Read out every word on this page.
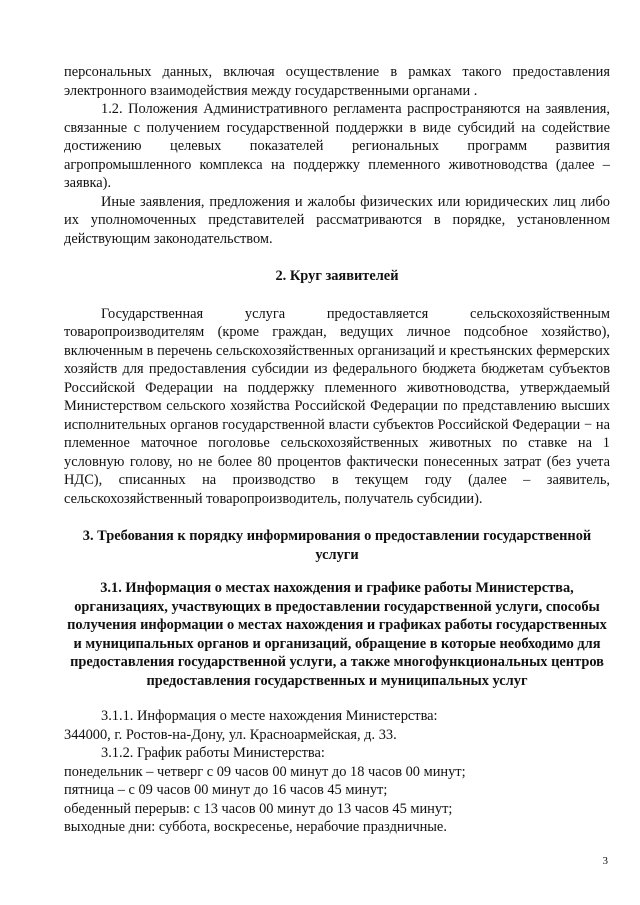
персональных данных, включая осуществление в рамках такого предоставления электронного взаимодействия между государственными органами .

1.2. Положения Административного регламента распространяются на заявления, связанные с получением государственной поддержки в виде субсидий на содействие достижению целевых показателей региональных программ развития агропромышленного комплекса на поддержку племенного животноводства (далее – заявка).

Иные заявления, предложения и жалобы физических или юридических лиц либо их уполномоченных представителей рассматриваются в порядке, установленном действующим законодательством.

2. Круг заявителей

Государственная услуга предоставляется сельскохозяйственным товаропроизводителям (кроме граждан, ведущих личное подсобное хозяйство), включенным в перечень сельскохозяйственных организаций и крестьянских фермерских хозяйств для предоставления субсидии из федерального бюджета бюджетам субъектов Российской Федерации на поддержку племенного животноводства, утверждаемый Министерством сельского хозяйства Российской Федерации по представлению высших исполнительных органов государственной власти субъектов Российской Федерации − на племенное маточное поголовье сельскохозяйственных животных по ставке на 1 условную голову, но не более 80 процентов фактически понесенных затрат (без учета НДС), списанных на производство в текущем году (далее – заявитель, сельскохозяйственный товаропроизводитель, получатель субсидии).

3. Требования к порядку информирования о предоставлении государственной услуги
3.1. Информация о местах нахождения и графике работы Министерства, организациях, участвующих в предоставлении государственной услуги, способы получения информации о местах нахождения и графиках работы государственных и муниципальных органов и организаций, обращение в которые необходимо для предоставления государственной услуги, а также многофункциональных центров предоставления государственных и муниципальных услуг

3.1.1. Информация о месте нахождения Министерства:

344000, г. Ростов-на-Дону, ул. Красноармейская, д. 33.

3.1.2. График работы Министерства:

понедельник – четверг с 09 часов 00 минут до 18 часов 00 минут;

пятница – с 09 часов 00 минут до 16 часов 45 минут;

обеденный перерыв: с 13 часов 00 минут до 13 часов 45 минут;

выходные дни: суббота, воскресенье, нерабочие праздничные.

3
